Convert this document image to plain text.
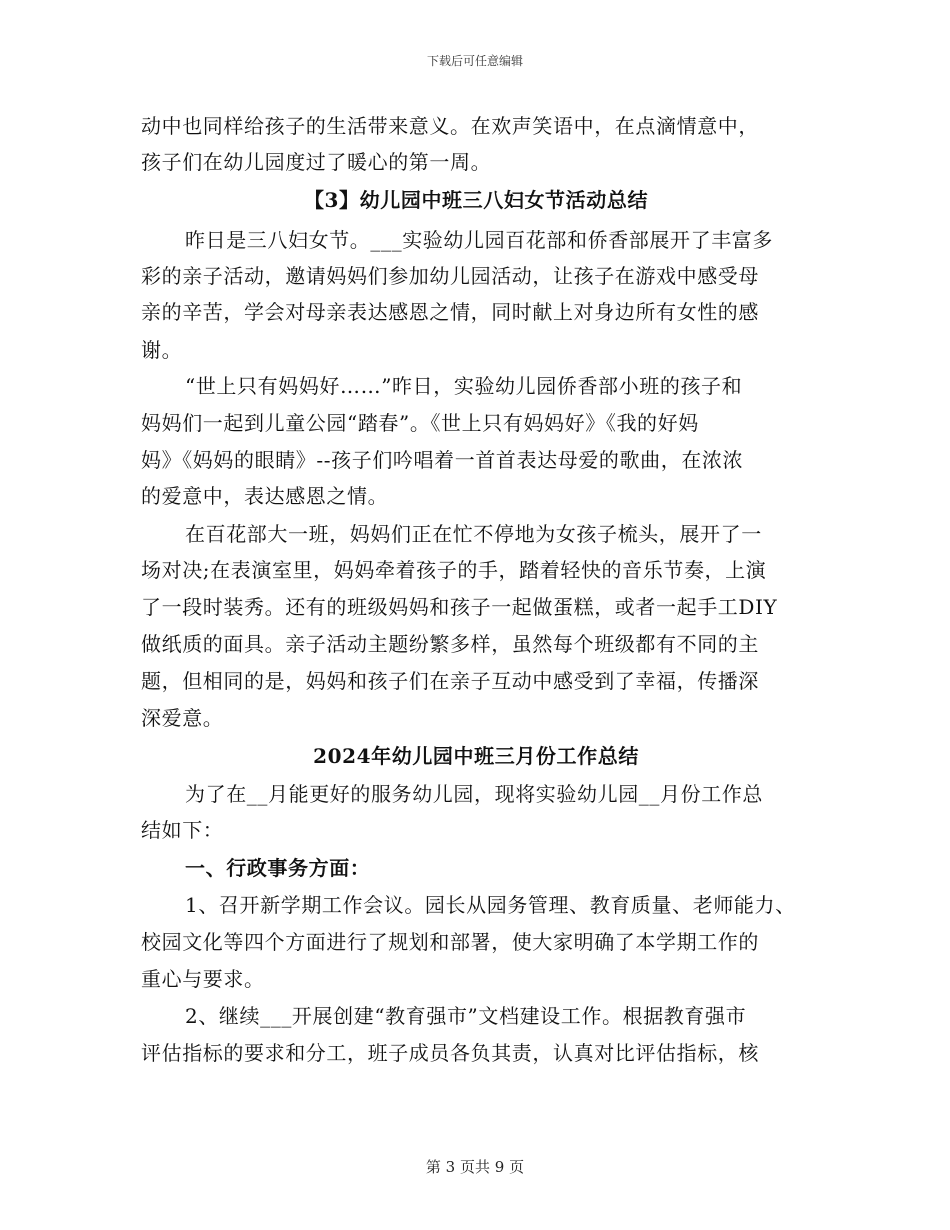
下载后可任意编辑
动中也同样给孩子的生活带来意义。在欢声笑语中，在点滴情意中，
孩子们在幼儿园度过了暖心的第一周。
【3】幼儿园中班三八妇女节活动总结
昨日是三八妇女节。___实验幼儿园百花部和侨香部展开了丰富多
彩的亲子活动，邀请妈妈们参加幼儿园活动，让孩子在游戏中感受母
亲的辛苦，学会对母亲表达感恩之情，同时献上对身边所有女性的感
谢。
“世上只有妈妈好……”昨日，实验幼儿园侨香部小班的孩子和
妈妈们一起到儿童公园“踏春”。《世上只有妈妈好》《我的好妈
妈》《妈妈的眼睛》--孩子们吟唱着一首首表达母爱的歌曲，在浓浓
的爱意中，表达感恩之情。
在百花部大一班，妈妈们正在忙不停地为女孩子梳头，展开了一
场对决;在表演室里，妈妈牵着孩子的手，踏着轻快的音乐节奏，上演
了一段时装秀。还有的班级妈妈和孩子一起做蛋糕，或者一起手工DIY
做纸质的面具。亲子活动主题纷繁多样，虽然每个班级都有不同的主
题，但相同的是，妈妈和孩子们在亲子互动中感受到了幸福，传播深
深爱意。
2024年幼儿园中班三月份工作总结
为了在__月能更好的服务幼儿园，现将实验幼儿园__月份工作总
结如下：
一、行政事务方面：
1、召开新学期工作会议。园长从园务管理、教育质量、老师能力、
校园文化等四个方面进行了规划和部署，使大家明确了本学期工作的
重心与要求。
2、继续___开展创建“教育强市”文档建设工作。根据教育强市
评估指标的要求和分工，班子成员各负其责，认真对比评估指标，核
第 3 页共 9 页
